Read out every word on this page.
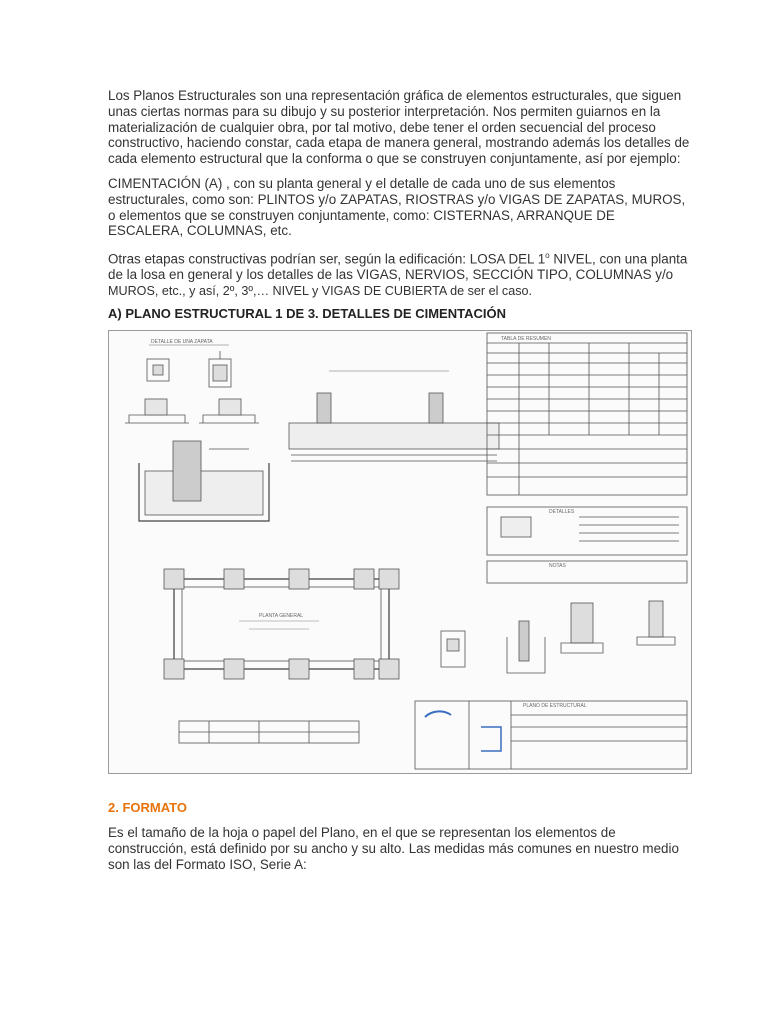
Los Planos Estructurales son una representación gráfica de elementos estructurales, que siguen unas ciertas normas para su dibujo y su posterior interpretación. Nos permiten guiarnos en la materialización de cualquier obra, por tal motivo, debe tener el orden secuencial del proceso constructivo, haciendo constar, cada etapa de manera general, mostrando además los detalles de cada elemento estructural que la conforma o que se construyen conjuntamente, así por ejemplo:

CIMENTACIÓN (A) , con su planta general y el detalle de cada uno de sus elementos estructurales, como son: PLINTOS y/o ZAPATAS, RIOSTRAS y/o VIGAS DE ZAPATAS, MUROS, o elementos que se construyen conjuntamente, como: CISTERNAS, ARRANQUE DE ESCALERA, COLUMNAS, etc.

Otras etapas constructivas podrían ser, según la edificación: LOSA DEL 1$^o$ NIVEL, con una planta de la losa en general y los detalles de las VIGAS, NERVIOS, SECCIÓN TIPO, COLUMNAS y/o
MUROS, etc., y así, 2º, 3º,… NIVEL y VIGAS DE CUBIERTA de ser el caso.

A) PLANO ESTRUCTURAL 1 DE 3. DETALLES DE CIMENTACIÓN

DETALLE DE UNA ZAPATA	TABLA DE RESUMEN
DETALLES
NOTAS
PLANTA GENERAL
PLANO DE ESTRUCTURAL

2. FORMATO

Es el tamaño de la hoja o papel del Plano, en el que se representan los elementos de construcción, está definido por su ancho y su alto. Las medidas más comunes en nuestro medio son las del Formato ISO, Serie A:
